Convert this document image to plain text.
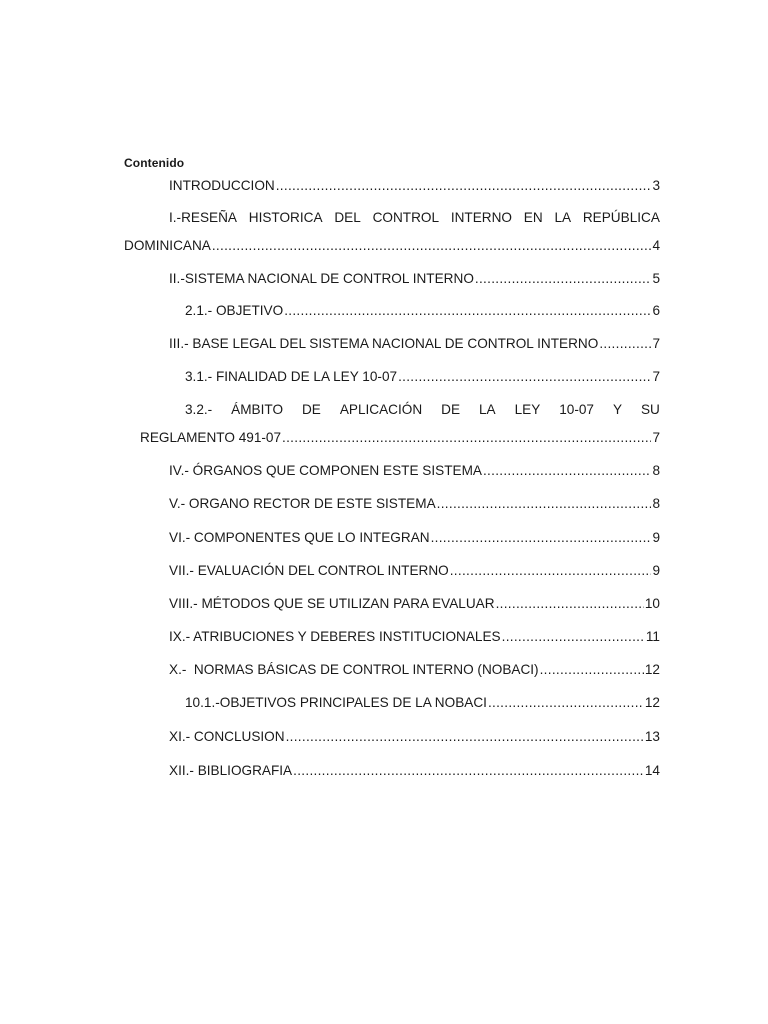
Contenido
INTRODUCCION .....	3
I.-RESEÑA HISTORICA DEL CONTROL INTERNO EN LA REPÚBLICA
DOMINICANA .....	4
II.-SISTEMA NACIONAL DE CONTROL INTERNO .....	5
2.1.- OBJETIVO .....	6
III.- BASE LEGAL DEL SISTEMA NACIONAL DE CONTROL INTERNO .....	7
3.1.- FINALIDAD DE LA LEY 10-07 .....	7
3.2.- ÁMBITO DE APLICACIÓN DE LA LEY 10-07 Y SU
REGLAMENTO 491-07 .....	7
IV.- ÓRGANOS QUE COMPONEN ESTE SISTEMA .....	8
V.- ORGANO RECTOR DE ESTE SISTEMA .....	8
VI.- COMPONENTES QUE LO INTEGRAN .....	9
VII.- EVALUACIÓN DEL CONTROL INTERNO .....	9
VIII.- MÉTODOS QUE SE UTILIZAN PARA EVALUAR .....	10
IX.- ATRIBUCIONES Y DEBERES INSTITUCIONALES .....	11
X.-  NORMAS BÁSICAS DE CONTROL INTERNO (NOBACI) .....	12
10.1.-OBJETIVOS PRINCIPALES DE LA NOBACI .....	12
XI.- CONCLUSION .....	13
XII.- BIBLIOGRAFIA .....	14
